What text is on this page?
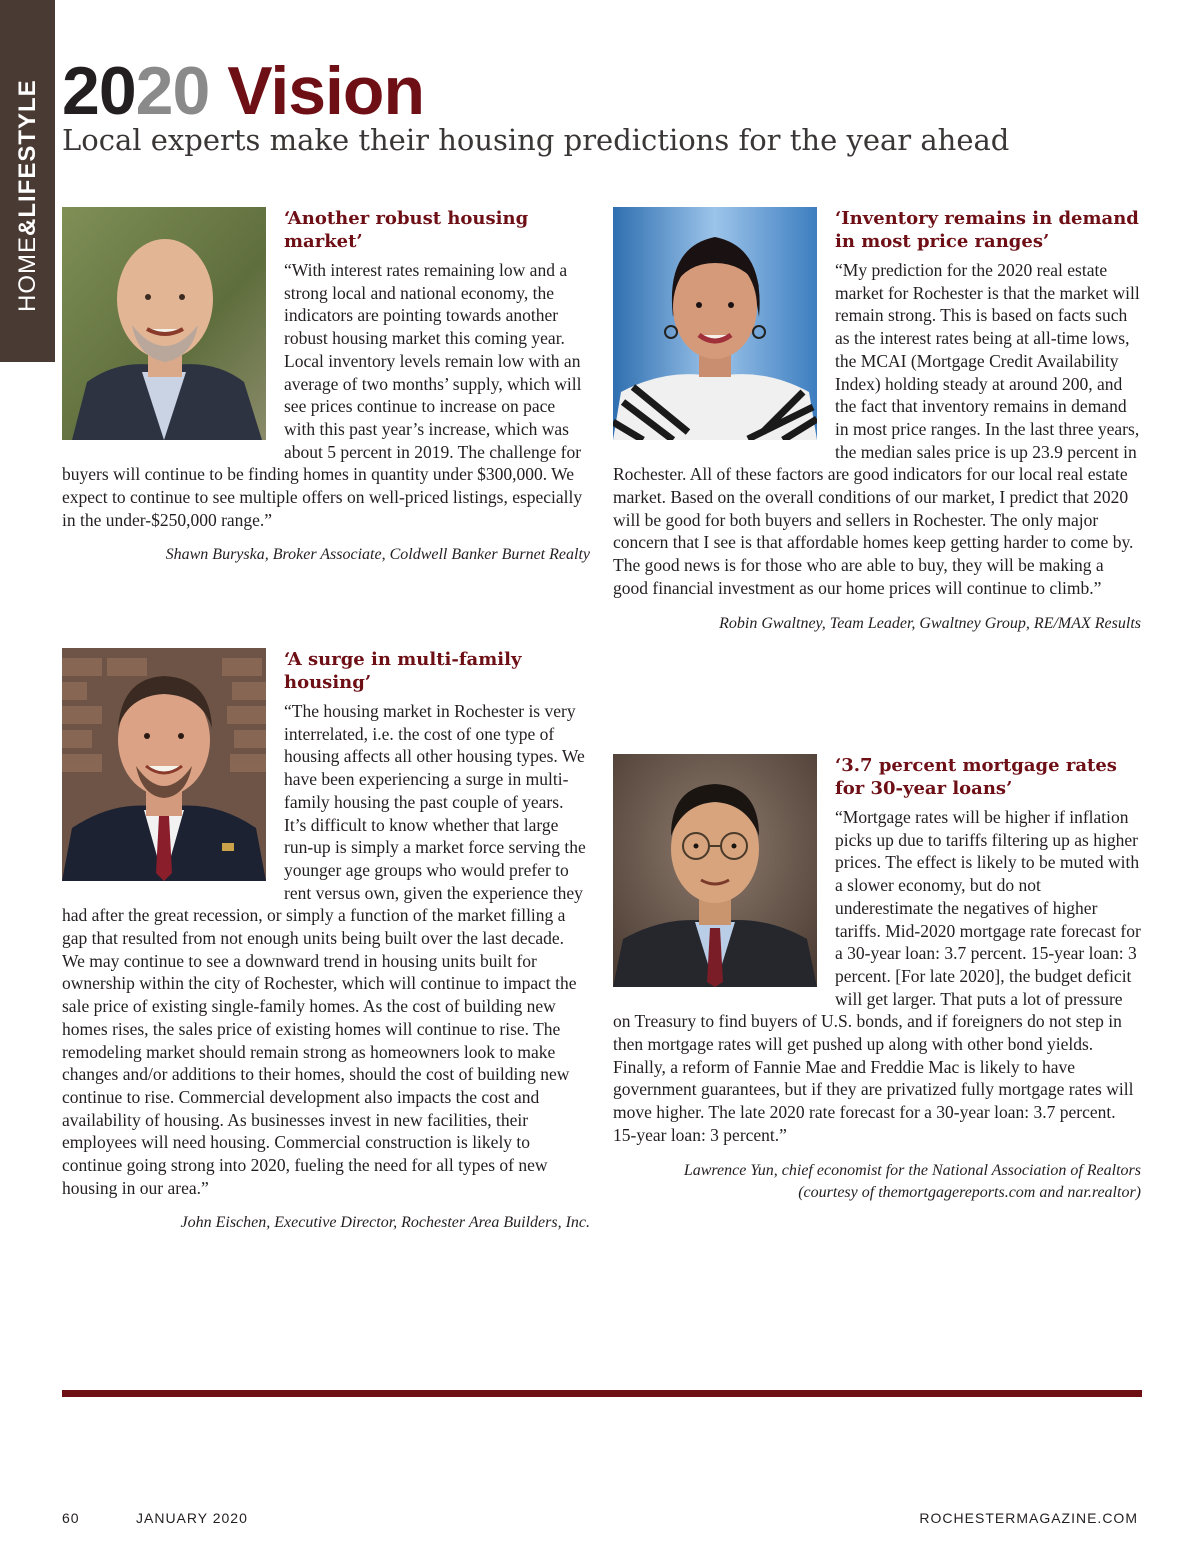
HOME&LIFESTYLE 2020 Vision
Local experts make their housing predictions for the year ahead
‘Another robust housing market’

“With interest rates remaining low and a strong local and national economy, the indicators are pointing towards another robust housing market this coming year. Local inventory levels remain low with an average of two months’ supply, which will see prices continue to increase on pace with this past year’s increase, which was about 5 percent in 2019. The challenge for buyers will continue to be finding homes in quantity under $300,000. We expect to continue to see multiple offers on well-priced listings, especially in the under-$250,000 range.”

Shawn Buryska, Broker Associate, Coldwell Banker Burnet Realty
‘A surge in multi-family housing’

“The housing market in Rochester is very interrelated, i.e. the cost of one type of housing affects all other housing types. We have been experiencing a surge in multi-family housing the past couple of years. It’s difficult to know whether that large run-up is simply a market force serving the younger age groups who would prefer to rent versus own, given the experience they had after the great recession, or simply a function of the market filling a gap that resulted from not enough units being built over the last decade. We may continue to see a downward trend in housing units built for ownership within the city of Rochester, which will continue to impact the sale price of existing single-family homes. As the cost of building new homes rises, the sales price of existing homes will continue to rise. The remodeling market should remain strong as homeowners look to make changes and/or additions to their homes, should the cost of building new continue to rise. Commercial development also impacts the cost and availability of housing. As businesses invest in new facilities, their employees will need housing. Commercial construction is likely to continue going strong into 2020, fueling the need for all types of new housing in our area.”

John Eischen, Executive Director, Rochester Area Builders, Inc.
‘Inventory remains in demand in most price ranges’

“My prediction for the 2020 real estate market for Rochester is that the market will remain strong. This is based on facts such as the interest rates being at all-time lows, the MCAI (Mortgage Credit Availability Index) holding steady at around 200, and the fact that inventory remains in demand in most price ranges. In the last three years, the median sales price is up 23.9 percent in Rochester. All of these factors are good indicators for our local real estate market. Based on the overall conditions of our market, I predict that 2020 will be good for both buyers and sellers in Rochester. The only major concern that I see is that affordable homes keep getting harder to come by. The good news is for those who are able to buy, they will be making a good financial investment as our home prices will continue to climb.”

Robin Gwaltney, Team Leader, Gwaltney Group, RE/MAX Results
‘3.7 percent mortgage rates for 30-year loans’

“Mortgage rates will be higher if inflation picks up due to tariffs filtering up as higher prices. The effect is likely to be muted with a slower economy, but do not underestimate the negatives of higher tariffs. Mid-2020 mortgage rate forecast for a 30-year loan: 3.7 percent. 15-year loan: 3 percent. [For late 2020], the budget deficit will get larger. That puts a lot of pressure on Treasury to find buyers of U.S. bonds, and if foreigners do not step in then mortgage rates will get pushed up along with other bond yields. Finally, a reform of Fannie Mae and Freddie Mac is likely to have government guarantees, but if they are privatized fully mortgage rates will move higher. The late 2020 rate forecast for a 30-year loan: 3.7 percent. 15-year loan: 3 percent.”

Lawrence Yun, chief economist for the National Association of Realtors
(courtesy of themortgagereports.com and nar.realtor)
60	JANUARY 2020	ROCHESTERMAGAZINE.COM
